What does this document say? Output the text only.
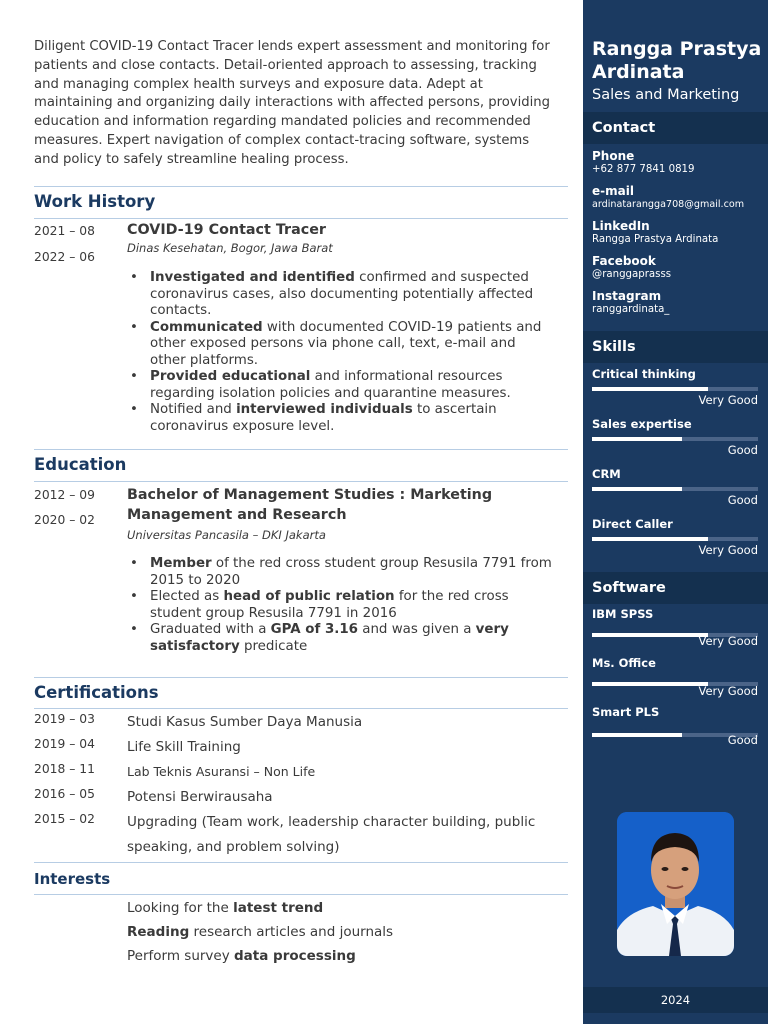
Diligent COVID-19 Contact Tracer lends expert assessment and monitoring for patients and close contacts. Detail-oriented approach to assessing, tracking and managing complex health surveys and exposure data. Adept at maintaining and organizing daily interactions with affected persons, providing education and information regarding mandated policies and recommended measures. Expert navigation of complex contact-tracing software, systems and policy to safely streamline healing process.

Work History
2021 – 08
2022 – 06
COVID-19 Contact Tracer
Dinas Kesehatan, Bogor, Jawa Barat
• Investigated and identified confirmed and suspected coronavirus cases, also documenting potentially affected contacts.
• Communicated with documented COVID-19 patients and other exposed persons via phone call, text, e-mail and other platforms.
• Provided educational and informational resources regarding isolation policies and quarantine measures.
• Notified and interviewed individuals to ascertain coronavirus exposure level.
Education
2012 – 09
2020 – 02
Bachelor of Management Studies : Marketing Management and Research
Universitas Pancasila – DKI Jakarta
• Member of the red cross student group Resusila 7791 from 2015 to 2020
• Elected as head of public relation for the red cross student group Resusila 7791 in 2016
• Graduated with a GPA of 3.16 and was given a very satisfactory predicate
Certifications
2019 – 03 Studi Kasus Sumber Daya Manusia
2019 – 04 Life Skill Training
2018 – 11	Lab Teknis Asuransi – Non Life
2016 – 05 Potensi Berwirausaha
2015 – 02 Upgrading (Team work, leadership character building, public speaking, and problem solving)
Interests
Looking for the latest trend
Reading research articles and journals
Perform survey data processing
Rangga Prastya Ardinata
Sales and Marketing
Contact
Phone
+62 877 7841 0819
e-mail
ardinatarangga708@gmail.com
LinkedIn
Rangga Prastya Ardinata
Facebook
@ranggaprasss
Instagram
ranggardinata_
Skills
Critical thinking
Very Good
Sales expertise
Good
CRM
Good
Direct Caller
Very Good
Software
IBM SPSS
Very Good
Ms. Office
Very Good
Smart PLS
Good
2024
